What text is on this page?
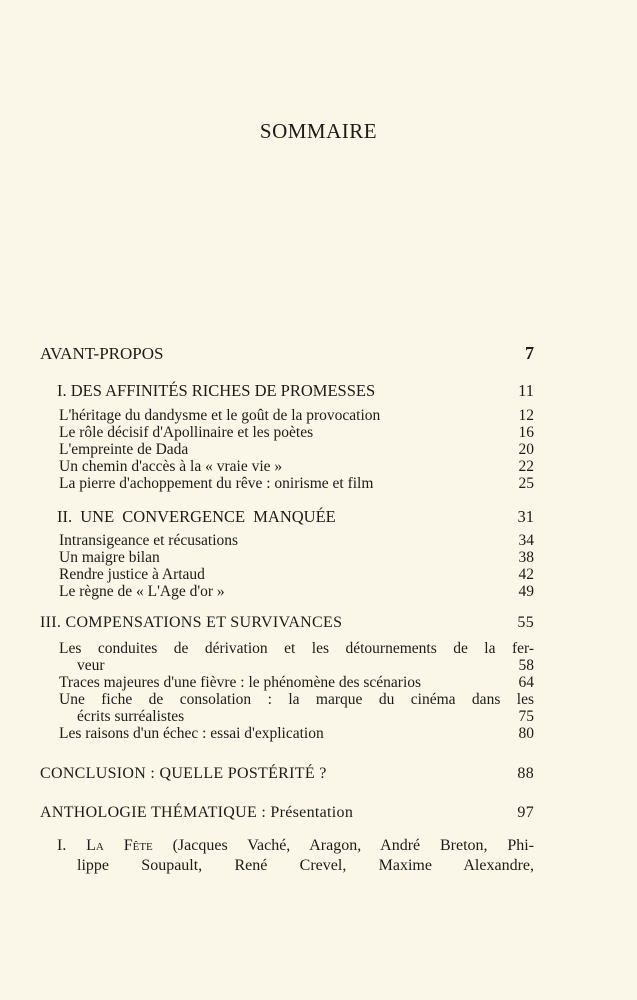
SOMMAIRE
AVANT-PROPOS	7
I. DES AFFINITÉS RICHES DE PROMESSES	11
L'héritage du dandysme et le goût de la provocation	12
Le rôle décisif d'Apollinaire et les poètes	16
L'empreinte de Dada	20
Un chemin d'accès à la « vraie vie »	22
La pierre d'achoppement du rêve : onirisme et film	25
II. UNE CONVERGENCE MANQUÉE	31
Intransigeance et récusations	34
Un maigre bilan	38
Rendre justice à Artaud	42
Le règne de « L'Age d'or »	49
III. COMPENSATIONS ET SURVIVANCES	55
Les conduites de dérivation et les détournements de la fer-
veur	58
Traces majeures d'une fièvre : le phénomène des scénarios	64
Une fiche de consolation : la marque du cinéma dans les
écrits surréalistes	75
Les raisons d'un échec : essai d'explication	80
CONCLUSION : QUELLE POSTÉRITÉ ?	88
ANTHOLOGIE THÉMATIQUE : Présentation	97
I. La Fête (Jacques Vaché, Aragon, André Breton, Phi-
lippe Soupault, René Crevel, Maxime Alexandre,
